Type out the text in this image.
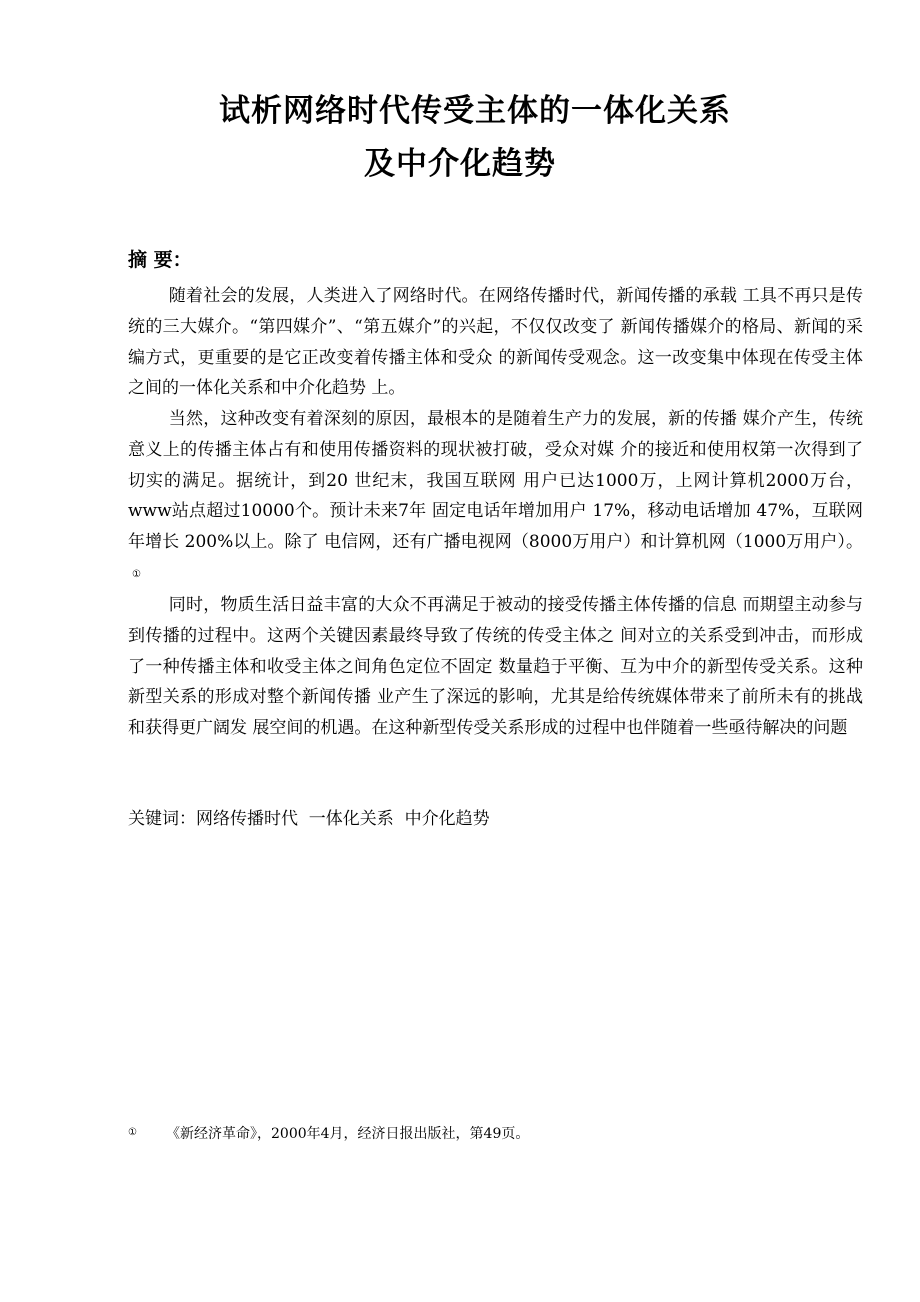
试析网络时代传受主体的一体化关系
及中介化趋势
摘 要：

随着社会的发展，人类进入了网络时代。在网络传播时代，新闻传播的承载 工具不再只是传统的三大媒介。“第四媒介”、“第五媒介”的兴起，不仅仅改变了 新闻传播媒介的格局、新闻的采编方式，更重要的是它正改变着传播主体和受众 的新闻传受观念。这一改变集中体现在传受主体之间的一体化关系和中介化趋势 上。

当然，这种改变有着深刻的原因，最根本的是随着生产力的发展，新的传播 媒介产生，传统意义上的传播主体占有和使用传播资料的现状被打破，受众对媒 介的接近和使用权第一次得到了切实的满足。据统计，到20 世纪末，我国互联网 用户已达1000万，上网计算机2000万台，www站点超过10000个。预计未来7年 固定电话年增加用户 17%，移动电话增加 47%，互联网年增长 200%以上。除了 电信网，还有广播电视网（8000万用户）和计算机网（1000万用户）。①

同时，物质生活日益丰富的大众不再满足于被动的接受传播主体传播的信息 而期望主动参与到传播的过程中。这两个关键因素最终导致了传统的传受主体之 间对立的关系受到冲击，而形成了一种传播主体和收受主体之间角色定位不固定 数量趋于平衡、互为中介的新型传受关系。这种新型关系的形成对整个新闻传播 业产生了深远的影响，尤其是给传统媒体带来了前所未有的挑战和获得更广阔发 展空间的机遇。在这种新型传受关系形成的过程中也伴随着一些亟待解决的问题

关键词：网络传播时代  一体化关系  中介化趋势
① 《新经济革命》，2000年4月，经济日报出版社，第49页。
